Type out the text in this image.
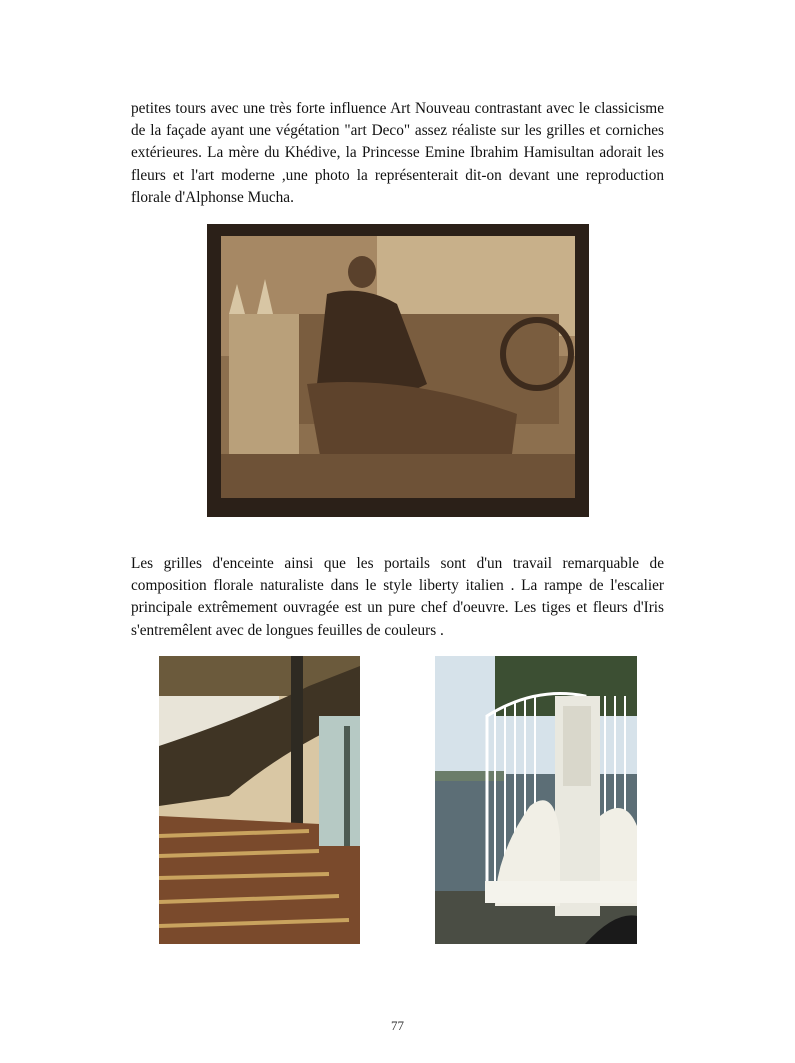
petites tours avec une très forte influence Art Nouveau contrastant avec le classicisme de la façade ayant une végétation "art Deco" assez réaliste sur les grilles et corniches extérieures. La mère du Khédive, la Princesse Emine Ibrahim Hamisultan adorait les fleurs et l'art moderne ,une photo la représenterait dit-on devant une reproduction florale d'Alphonse Mucha.

Les grilles d'enceinte ainsi que les portails sont d'un travail remarquable de composition florale naturaliste dans le style liberty italien . La rampe de l'escalier principale extrêmement ouvragée est un pure chef d'oeuvre. Les tiges et fleurs d'Iris s'entremêlent avec de longues feuilles de couleurs .

77
